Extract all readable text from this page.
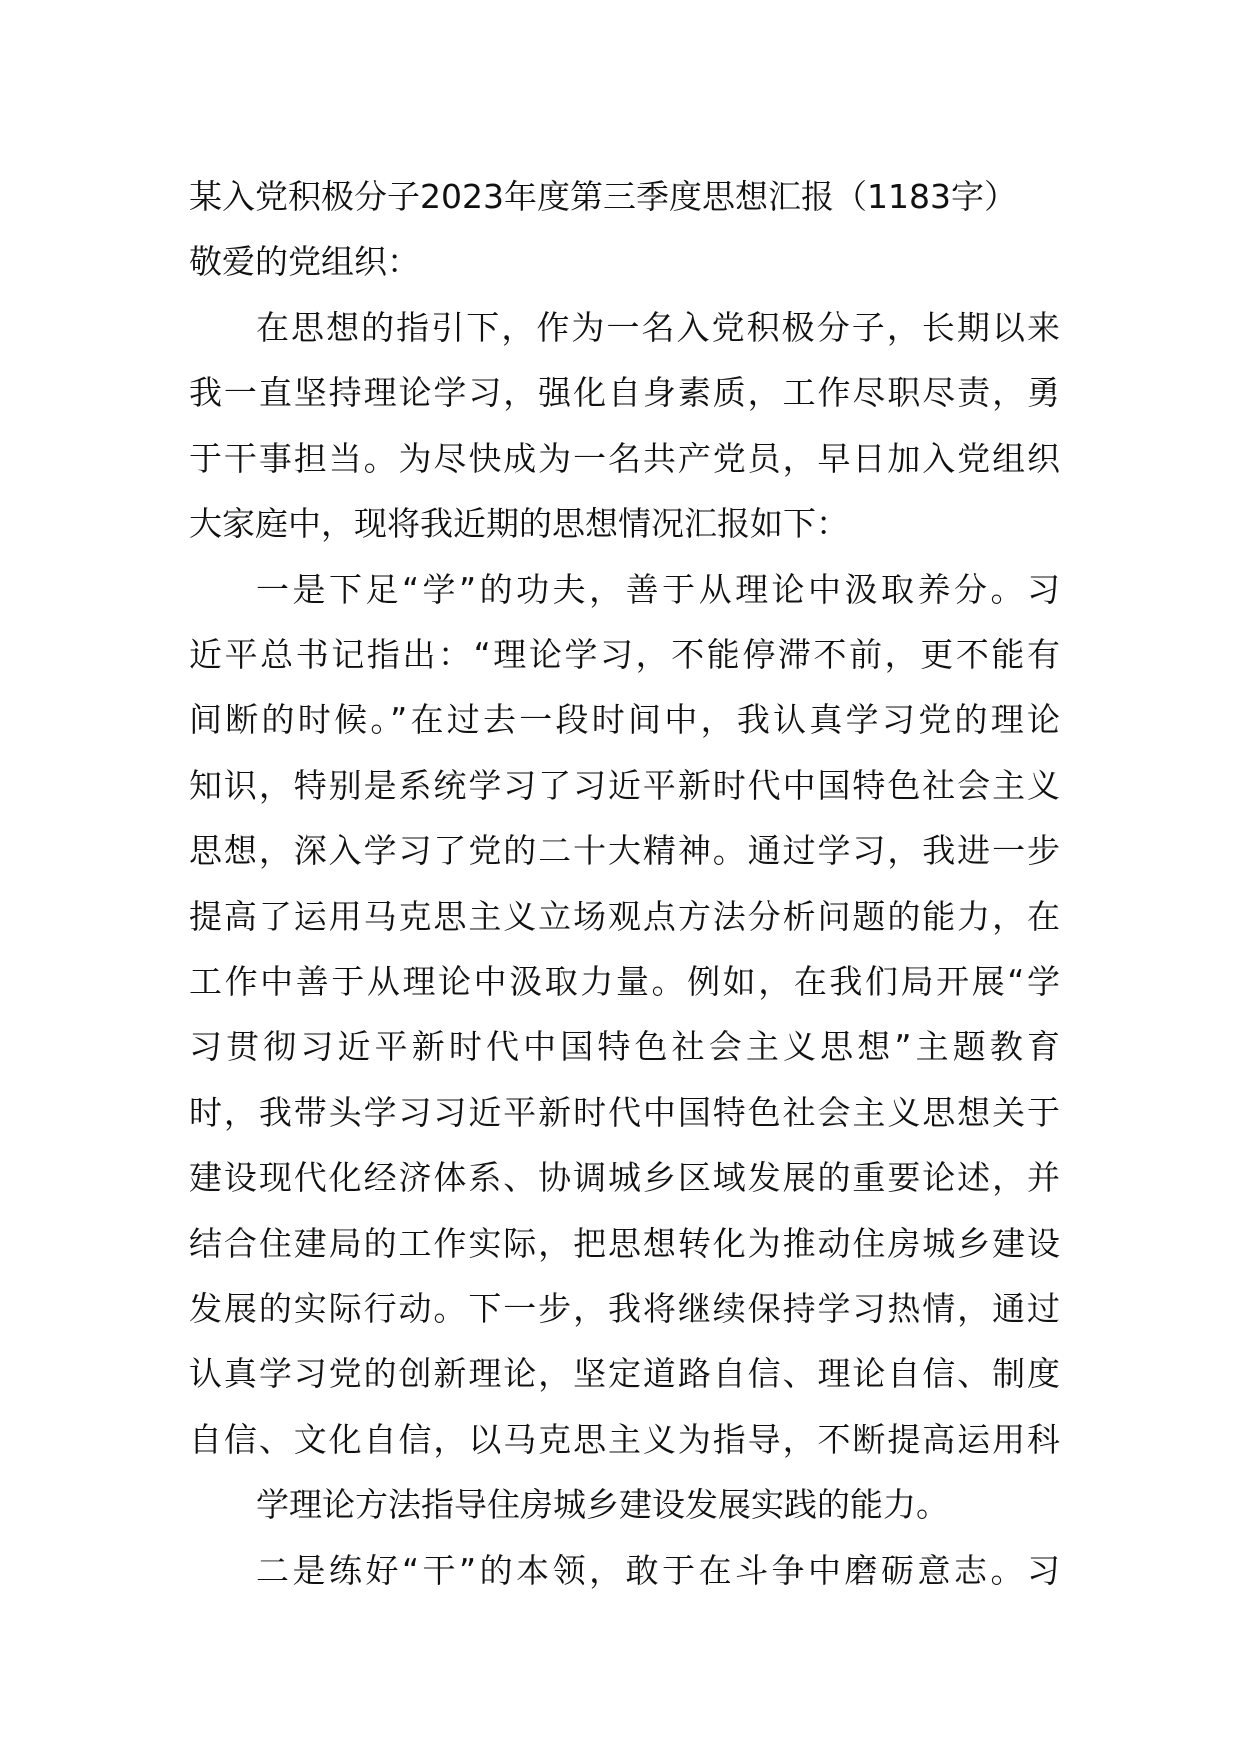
某入党积极分子2023年度第三季度思想汇报（1183字）
敬爱的党组织：
在思想的指引下，作为一名入党积极分子，长期以来
我一直坚持理论学习，强化自身素质，工作尽职尽责，勇
于干事担当。为尽快成为一名共产党员，早日加入党组织
大家庭中，现将我近期的思想情况汇报如下：
一是下足“学”的功夫，善于从理论中汲取养分。习
近平总书记指出：“理论学习，不能停滞不前，更不能有
间断的时候。”在过去一段时间中，我认真学习党的理论
知识，特别是系统学习了习近平新时代中国特色社会主义
思想，深入学习了党的二十大精神。通过学习，我进一步
提高了运用马克思主义立场观点方法分析问题的能力，在
工作中善于从理论中汲取力量。例如，在我们局开展“学
习贯彻习近平新时代中国特色社会主义思想”主题教育
时，我带头学习习近平新时代中国特色社会主义思想关于
建设现代化经济体系、协调城乡区域发展的重要论述，并
结合住建局的工作实际，把思想转化为推动住房城乡建设
发展的实际行动。下一步，我将继续保持学习热情，通过
认真学习党的创新理论，坚定道路自信、理论自信、制度
自信、文化自信，以马克思主义为指导，不断提高运用科
学理论方法指导住房城乡建设发展实践的能力。
二是练好“干”的本领，敢于在斗争中磨砺意志。习
